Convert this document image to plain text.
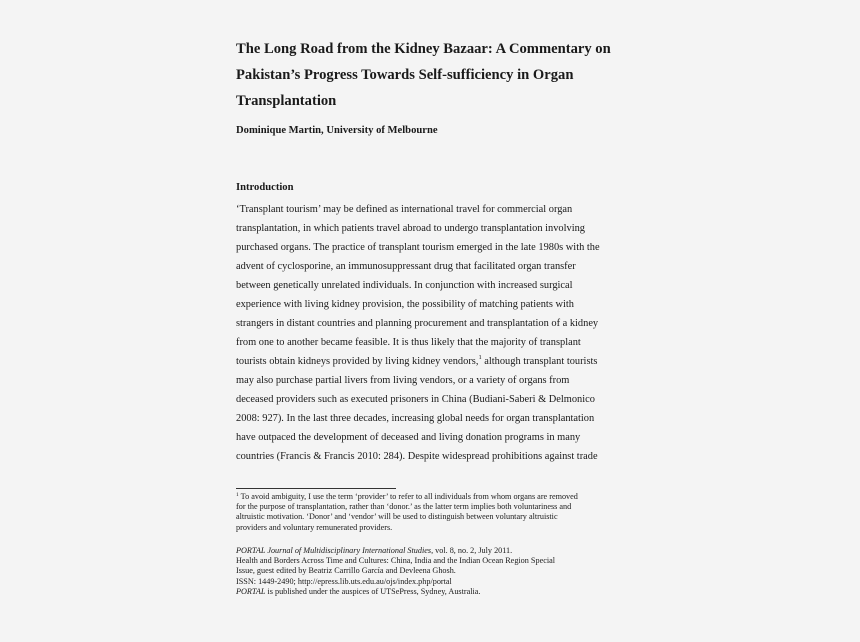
The Long Road from the Kidney Bazaar: A Commentary on
Pakistan’s Progress Towards Self-sufficiency in Organ
Transplantation

Dominique Martin, University of Melbourne

Introduction

‘Transplant tourism’ may be defined as international travel for commercial organ

transplantation, in which patients travel abroad to undergo transplantation involving

purchased organs. The practice of transplant tourism emerged in the late 1980s with the

advent of cyclosporine, an immunosuppressant drug that facilitated organ transfer

between genetically unrelated individuals. In conjunction with increased surgical

experience with living kidney provision, the possibility of matching patients with

strangers in distant countries and planning procurement and transplantation of a kidney

from one to another became feasible. It is thus likely that the majority of transplant

tourists obtain kidneys provided by living kidney vendors,$^1$ although transplant tourists

may also purchase partial livers from living vendors, or a variety of organs from

deceased providers such as executed prisoners in China (Budiani-Saberi & Delmonico

2008: 927). In the last three decades, increasing global needs for organ transplantation

have outpaced the development of deceased and living donation programs in many

countries (Francis & Francis 2010: 284). Despite widespread prohibitions against trade

$^1$ To avoid ambiguity, I use the term ‘provider’ to refer to all individuals from whom organs are removed

for the purpose of transplantation, rather than ‘donor.’ as the latter term implies both voluntariness and

altruistic motivation. ‘Donor’ and ‘vendor’ will be used to distinguish between voluntary altruistic

providers and voluntary remunerated providers.

PORTAL Journal of Multidisciplinary International Studies, vol. 8, no. 2, July 2011.

Health and Borders Across Time and Cultures: China, India and the Indian Ocean Region Special

Issue, guest edited by Beatriz Carrillo García and Devleena Ghosh.

ISSN: 1449-2490; http://epress.lib.uts.edu.au/ojs/index.php/portal

PORTAL is published under the auspices of UTSePress, Sydney, Australia.
